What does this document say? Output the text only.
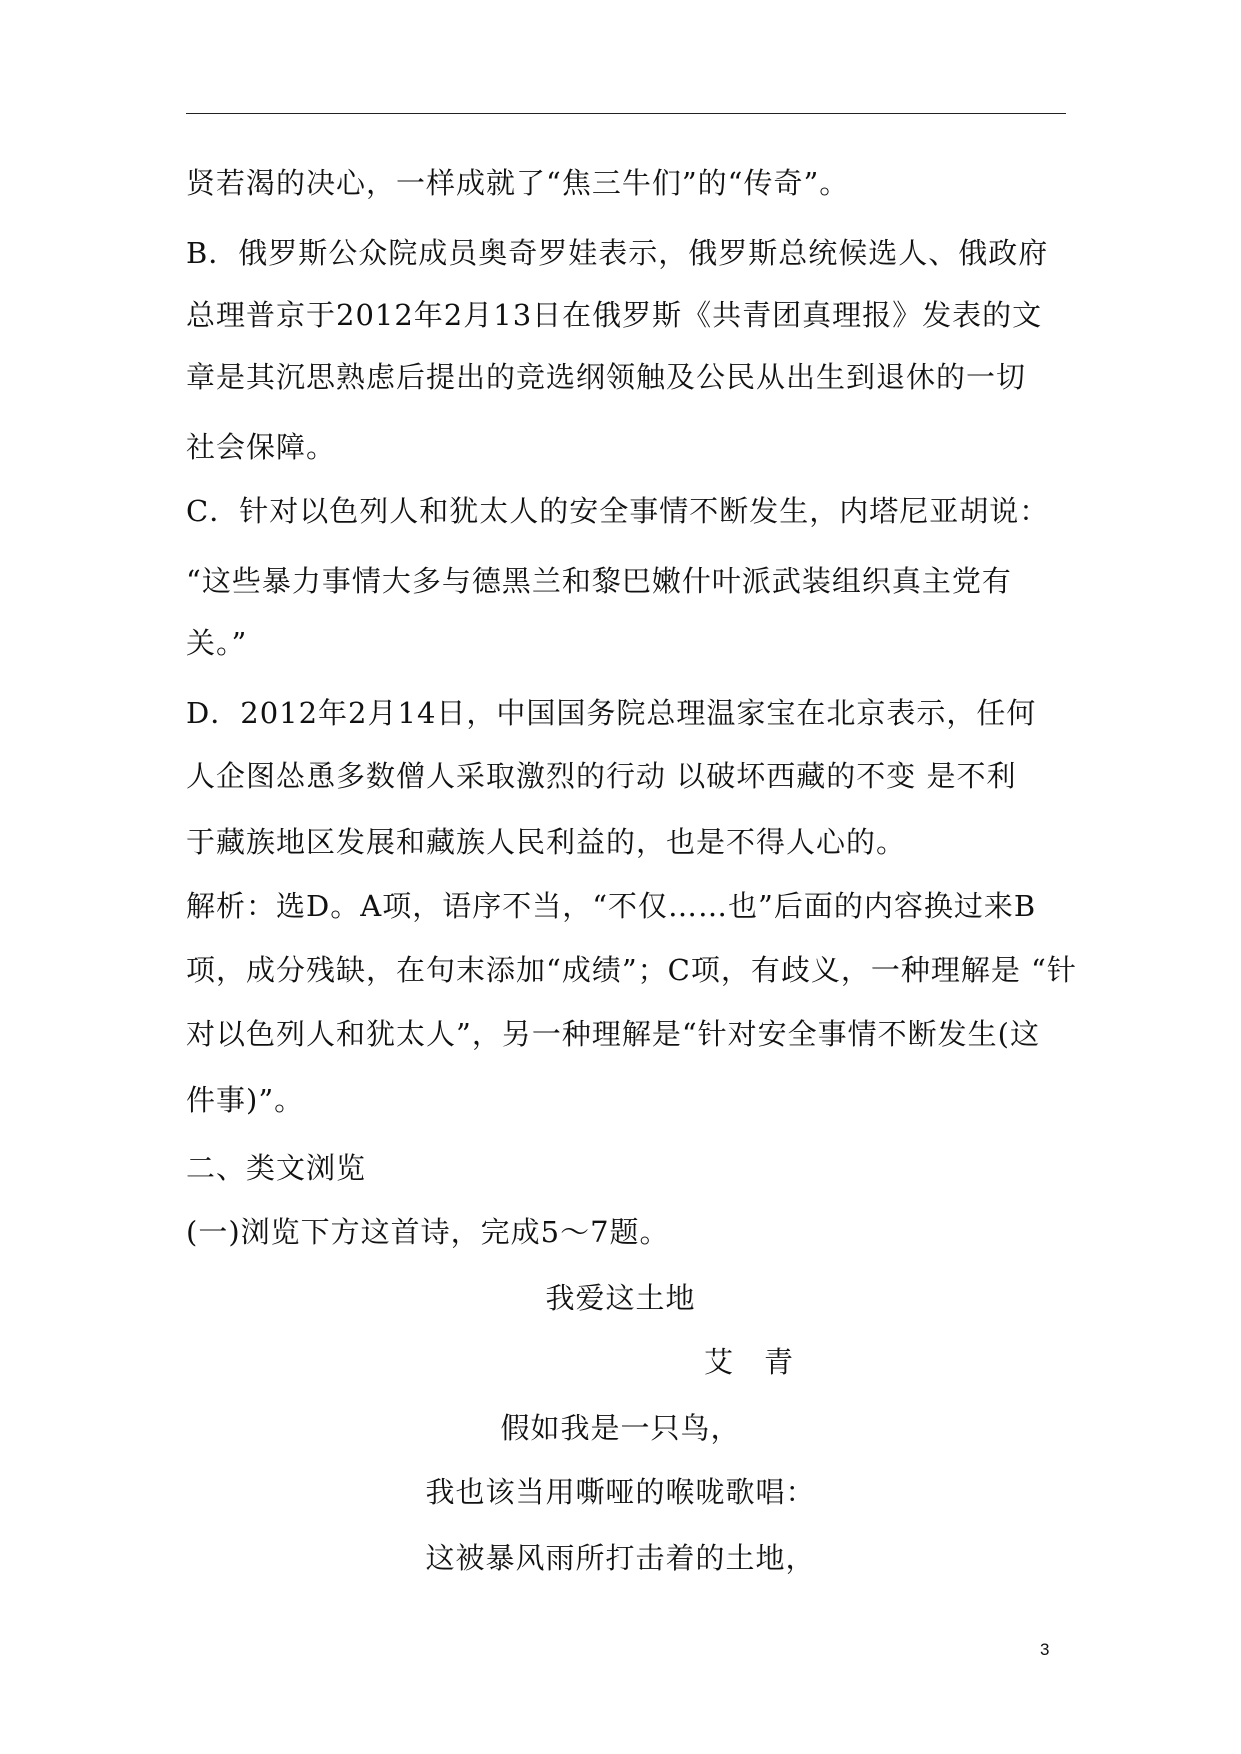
贤若渴的决心，一样成就了“焦三牛们”的“传奇”。
B．俄罗斯公众院成员奥奇罗娃表示，俄罗斯总统候选人、俄政府
总理普京于2012年2月13日在俄罗斯《共青团真理报》发表的文
章是其沉思熟虑后提出的竞选纲领触及公民从出生到退休的一切
社会保障。
C．针对以色列人和犹太人的安全事情不断发生，内塔尼亚胡说：
“这些暴力事情大多与德黑兰和黎巴嫩什叶派武装组织真主党有
关。”
D．2012年2月14日，中国国务院总理温家宝在北京表示，任何
人企图怂恿多数僧人采取激烈的行动 以破坏西藏的不变 是不利
于藏族地区发展和藏族人民利益的，也是不得人心的。
解析：选D。A项，语序不当，“不仅……也”后面的内容换过来B
项，成分残缺，在句末添加“成绩”；C项，有歧义，一种理解是 “针
对以色列人和犹太人”，另一种理解是“针对安全事情不断发生(这
件事)”。
二、类文浏览
(一)浏览下方这首诗，完成5～7题。
我爱这土地
艾　青
假如我是一只鸟，
我也该当用嘶哑的喉咙歌唱：
这被暴风雨所打击着的土地，
3
